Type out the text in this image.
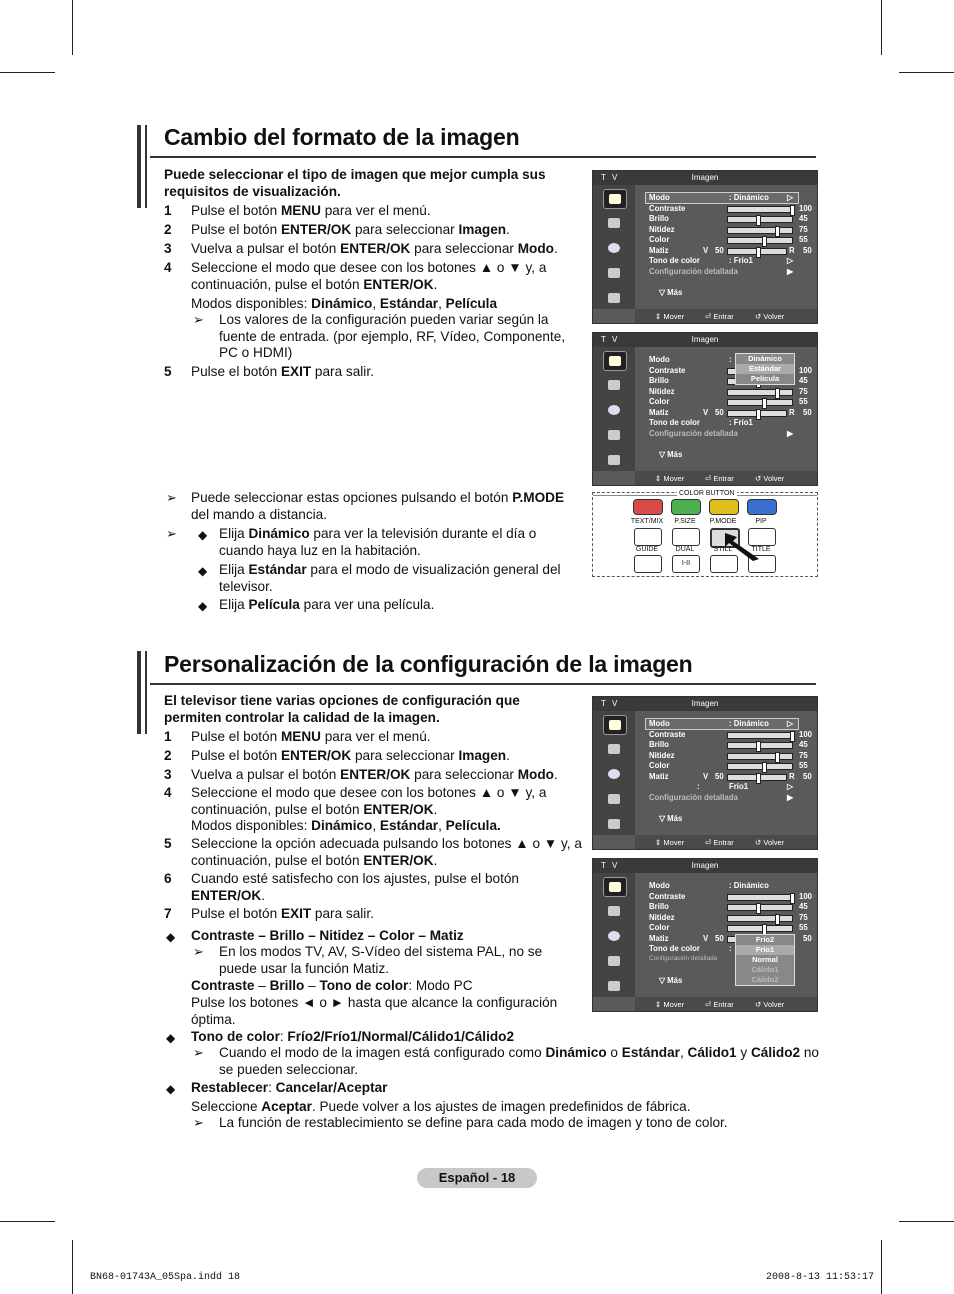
Cambio del formato de la imagen
Puede seleccionar el tipo de imagen que mejor cumpla sus requisitos de visualización.
1 Pulse el botón MENU para ver el menú.
2 Pulse el botón ENTER/OK para seleccionar Imagen.
3 Vuelva a pulsar el botón ENTER/OK para seleccionar Modo.
4 Seleccione el modo que desee con los botones ▲ o ▼ y, a continuación, pulse el botón ENTER/OK.
Modos disponibles: Dinámico, Estándar, Película
➢ Los valores de la configuración pueden variar según la fuente de entrada. (por ejemplo, RF, Vídeo, Componente, PC o HDMI)
5 Pulse el botón EXIT para salir.
➢ Puede seleccionar estas opciones pulsando el botón P.MODE del mando a distancia.
➢ ◆ Elija Dinámico para ver la televisión durante el día o cuando haya luz en la habitación.
◆ Elija Estándar para el modo de visualización general del televisor.
◆ Elija Película para ver una película.
T V	Imagen
⇕ Mover	⏎ Entrar	↺ Volver
Modo	: Dinámico ▷
Contraste	100
Brillo	45
Nitidez	75
Color	55
Matiz	V 50	R 50
Tono de color	: Frío1	▷
Configuración detallada	▶
▽ Más
T V	Imagen
⇕ Mover	⏎ Entrar	↺ Volver
Modo	:
Contraste	100
Brillo	45
Nitidez	75
Color	55
Matiz	V 50	R 50
Tono de color	: Frío1
Configuración detallada	▶
▽ Más
Dinámico
Estándar
Película
T V	Imagen
⇕ Mover	⏎ Entrar	↺ Volver
Modo	: Dinámico ▷
Contraste	100
Brillo	45
Nitidez	75
Color	55
Matiz	V 50	R 50
:	Frío1	▷
Configuración detallada	▶
▽ Más
T V	Imagen
⇕ Mover	⏎ Entrar	↺ Volver
Modo	: Dinámico
Contraste	100
Brillo	45
Nitidez	75
Color	55
Matiz	V 50	50
Tono de color	:
Configuración detallada
▽ Más
Frío2
Frío1
Normal
Cálido1
Cálido2
COLOR BUTTON
TEXT/MIX	P.SIZE	P.MODE	PIP
GUIDE	DUAL	STILL	TITLE
I-II
Personalización de la configuración de la imagen
El televisor tiene varias opciones de configuración que permiten controlar la calidad de la imagen.
1 Pulse el botón MENU para ver el menú.
2 Pulse el botón ENTER/OK para seleccionar Imagen.
3 Vuelva a pulsar el botón ENTER/OK para seleccionar Modo.
4 Seleccione el modo que desee con los botones ▲ o ▼ y, a continuación, pulse el botón ENTER/OK.
Modos disponibles: Dinámico, Estándar, Película.
5 Seleccione la opción adecuada pulsando los botones ▲ o ▼ y, a continuación, pulse el botón ENTER/OK.
6 Cuando esté satisfecho con los ajustes, pulse el botón ENTER/OK.
7 Pulse el botón EXIT para salir.
◆ Contraste – Brillo – Nitidez – Color – Matiz
➢ En los modos TV, AV, S-Vídeo del sistema PAL, no se puede usar la función Matiz.
Contraste – Brillo – Tono de color: Modo PC
Pulse los botones ◄ o ► hasta que alcance la configuración óptima.
◆ Tono de color: Frío2/Frío1/Normal/Cálido1/Cálido2
➢ Cuando el modo de la imagen está configurado como Dinámico o Estándar, Cálido1 y Cálido2 no se pueden seleccionar.
◆ Restablecer: Cancelar/Aceptar
Seleccione Aceptar. Puede volver a los ajustes de imagen predefinidos de fábrica.
➢ La función de restablecimiento se define para cada modo de imagen y tono de color.
Español - 18
BN68-01743A_05Spa.indd 18	2008-8-13 11:53:17
